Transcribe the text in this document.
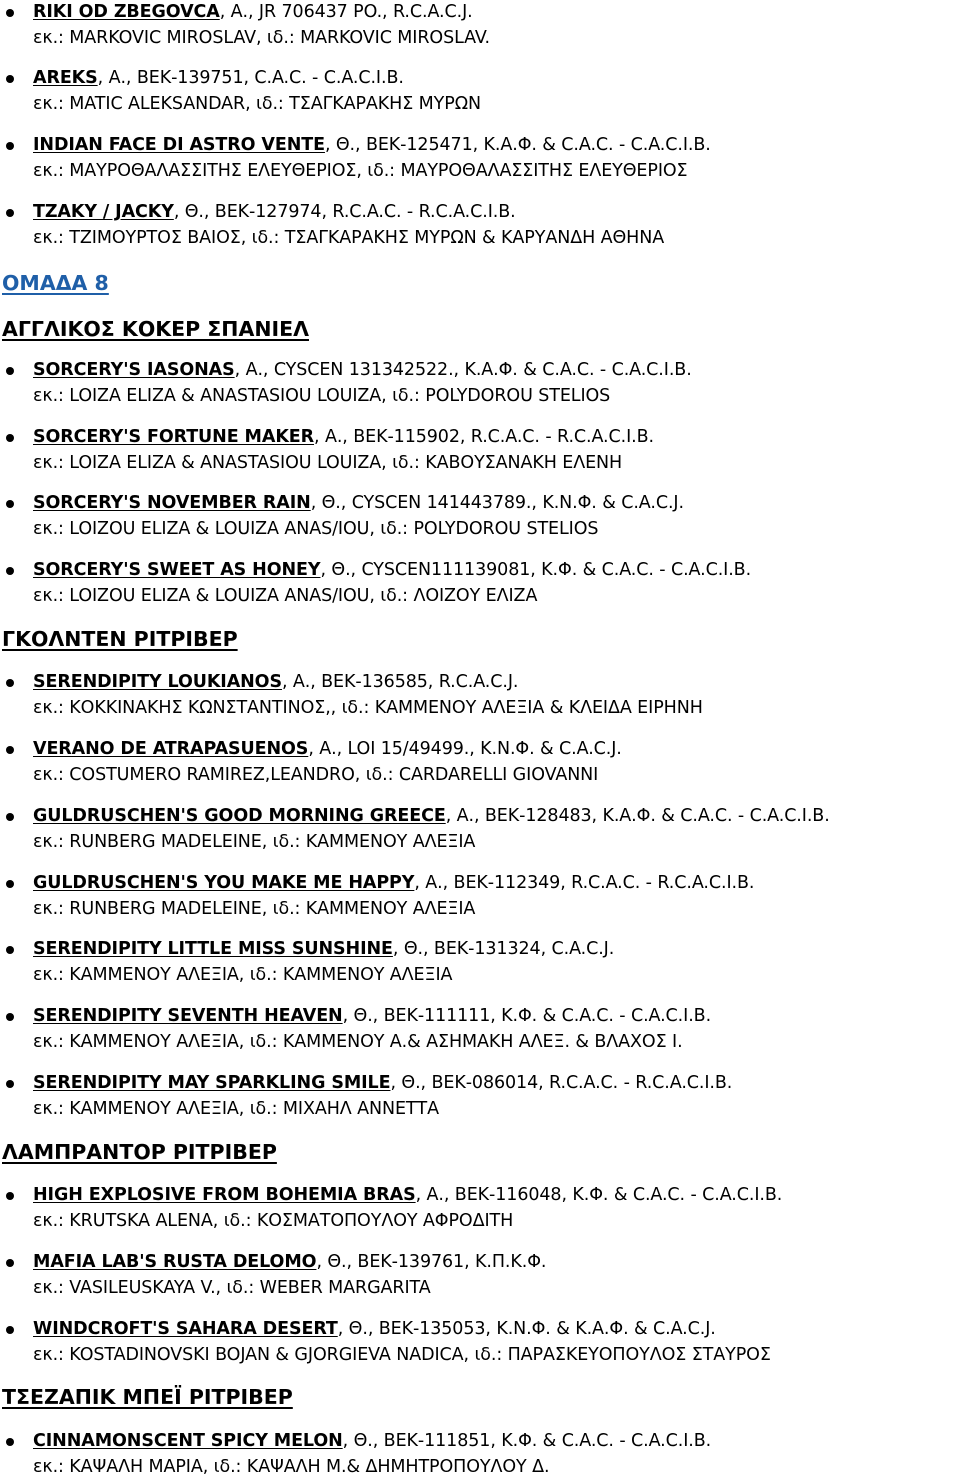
RIKI OD ZBEGOVCA, Α., JR 706437 PO., R.C.A.C.J.
εκ.: MARKOVIC MIROSLAV, ιδ.: MARKOVIC MIROSLAV.
AREKS, Α., ΒΕΚ-139751, C.A.C. - C.A.C.I.B.
εκ.: MATIC ALEKSANDAR, ιδ.: ΤΣΑΓΚΑΡΑΚΗΣ ΜΥΡΩΝ
INDIAN FACE DI ASTRO VENTE, Θ., ΒΕΚ-125471, Κ.Α.Φ. & C.A.C. - C.A.C.I.B.
εκ.: ΜΑΥΡΟΘΑΛΑΣΣΙΤΗΣ ΕΛΕΥΘΕΡΙΟΣ, ιδ.: ΜΑΥΡΟΘΑΛΑΣΣΙΤΗΣ ΕΛΕΥΘΕΡΙΟΣ
TZAKY / JACKY, Θ., ΒΕΚ-127974, R.C.A.C. - R.C.A.C.I.B.
εκ.: ΤΖΙΜΟΥΡΤΟΣ ΒΑΙΟΣ, ιδ.: ΤΣΑΓΚΑΡΑΚΗΣ ΜΥΡΩΝ & ΚΑΡΥΑΝΔΗ ΑΘΗΝΑ
ΟΜΑΔΑ 8
ΑΓΓΛΙΚΟΣ ΚΟΚΕΡ ΣΠΑΝΙΕΛ
SORCERY'S IASONAS, Α., CYSCEN 131342522., Κ.Α.Φ. & C.A.C. - C.A.C.I.B.
εκ.: LOIZA ELIZA & ANASTASIOU LOUIZA, ιδ.: POLYDOROU STELIOS
SORCERY'S FORTUNE MAKER, Α., ΒΕΚ-115902, R.C.A.C. - R.C.A.C.I.B.
εκ.: LOIZA ELIZA & ANASTASIOU LOUIZA, ιδ.: ΚΑΒΟΥΣΑΝΑΚΗ ΕΛΕΝΗ
SORCERY'S NOVEMBER RAIN, Θ., CYSCEN 141443789., Κ.Ν.Φ. & C.A.C.J.
εκ.: LOIZOU ELIZA & LOUIZA ANAS/IOU, ιδ.: POLYDOROU STELIOS
SORCERY'S SWEET AS HONEY, Θ., CYSCEN111139081, Κ.Φ. & C.A.C. - C.A.C.I.B.
εκ.: LOIZOU ELIZA & LOUIZA ANAS/IOU, ιδ.: ΛΟΙΖΟΥ ΕΛΙΖΑ
ΓΚΟΛΝΤΕΝ ΡΙΤΡΙΒΕΡ
SERENDIPITY LOUKIANOS, Α., ΒΕΚ-136585, R.C.A.C.J.
εκ.: ΚΟΚΚΙΝΑΚΗΣ ΚΩΝΣΤΑΝΤΙΝΟΣ,, ιδ.: ΚΑΜΜΕΝΟΥ ΑΛΕΞΙΑ & ΚΛΕΙΔΑ ΕΙΡΗΝΗ
VERANO DE ATRAPASUENOS, Α., LOI 15/49499., Κ.Ν.Φ. & C.A.C.J.
εκ.: COSTUMERO RAMIREZ,LEANDRO, ιδ.: CARDARELLI GIOVANNI
GULDRUSCHEN'S GOOD MORNING GREECE, Α., ΒΕΚ-128483, Κ.Α.Φ. & C.A.C. - C.A.C.I.B.
εκ.: RUNBERG MADELEINE, ιδ.: ΚΑΜΜΕΝΟΥ ΑΛΕΞΙΑ
GULDRUSCHEN'S YOU MAKE ME HAPPY, Α., ΒΕΚ-112349, R.C.A.C. - R.C.A.C.I.B.
εκ.: RUNBERG MADELEINE, ιδ.: ΚΑΜΜΕΝΟΥ ΑΛΕΞΙΑ
SERENDIPITY LITTLE MISS SUNSHINE, Θ., ΒΕΚ-131324, C.A.C.J.
εκ.: ΚΑΜΜΕΝΟΥ ΑΛΕΞΙΑ, ιδ.: ΚΑΜΜΕΝΟΥ ΑΛΕΞΙΑ
SERENDIPITY SEVENTH HEAVEN, Θ., ΒΕΚ-111111, Κ.Φ. & C.A.C. - C.A.C.I.B.
εκ.: ΚΑΜΜΕΝΟΥ ΑΛΕΞΙΑ, ιδ.: ΚΑΜΜΕΝΟΥ Α.& ΑΣΗΜΑΚΗ ΑΛΕΞ. & ΒΛΑΧΟΣ Ι.
SERENDIPITY MAY SPARKLING SMILE, Θ., ΒΕΚ-086014, R.C.A.C. - R.C.A.C.I.B.
εκ.: ΚΑΜΜΕΝΟΥ ΑΛΕΞΙΑ, ιδ.: ΜΙΧΑΗΛ ΑΝΝΕΤΤΑ
ΛΑΜΠΡΑΝΤΟΡ ΡΙΤΡΙΒΕΡ
HIGH EXPLOSIVE FROM BOHEMIA BRAS, Α., ΒΕΚ-116048, Κ.Φ. & C.A.C. - C.A.C.I.B.
εκ.: KRUTSKA ALENA, ιδ.: ΚΟΣΜΑΤΟΠΟΥΛΟΥ ΑΦΡΟΔΙΤΗ
MAFIA LAB'S RUSTA DELOMO, Θ., ΒΕΚ-139761, Κ.Π.Κ.Φ.
εκ.: VASILEUSKAYA V., ιδ.: WEBER MARGARITA
WINDCROFT'S SAHARA DESERT, Θ., ΒΕΚ-135053, Κ.Ν.Φ. & Κ.Α.Φ. & C.A.C.J.
εκ.: KOSTADINOVSKI BOJAN & GJORGIEVA NADICA, ιδ.: ΠΑΡΑΣΚΕΥΟΠΟΥΛΟΣ ΣΤΑΥΡΟΣ
ΤΣΕΖΑΠΙΚ ΜΠΕΪ ΡΙΤΡΙΒΕΡ
CINNAMONSCENT SPICY MELON, Θ., ΒΕΚ-111851, Κ.Φ. & C.A.C. - C.A.C.I.B.
εκ.: ΚΑΨΑΛΗ ΜΑΡΙΑ, ιδ.: ΚΑΨΑΛΗ Μ.& ΔΗΜΗΤΡΟΠΟΥΛΟΥ Δ.
